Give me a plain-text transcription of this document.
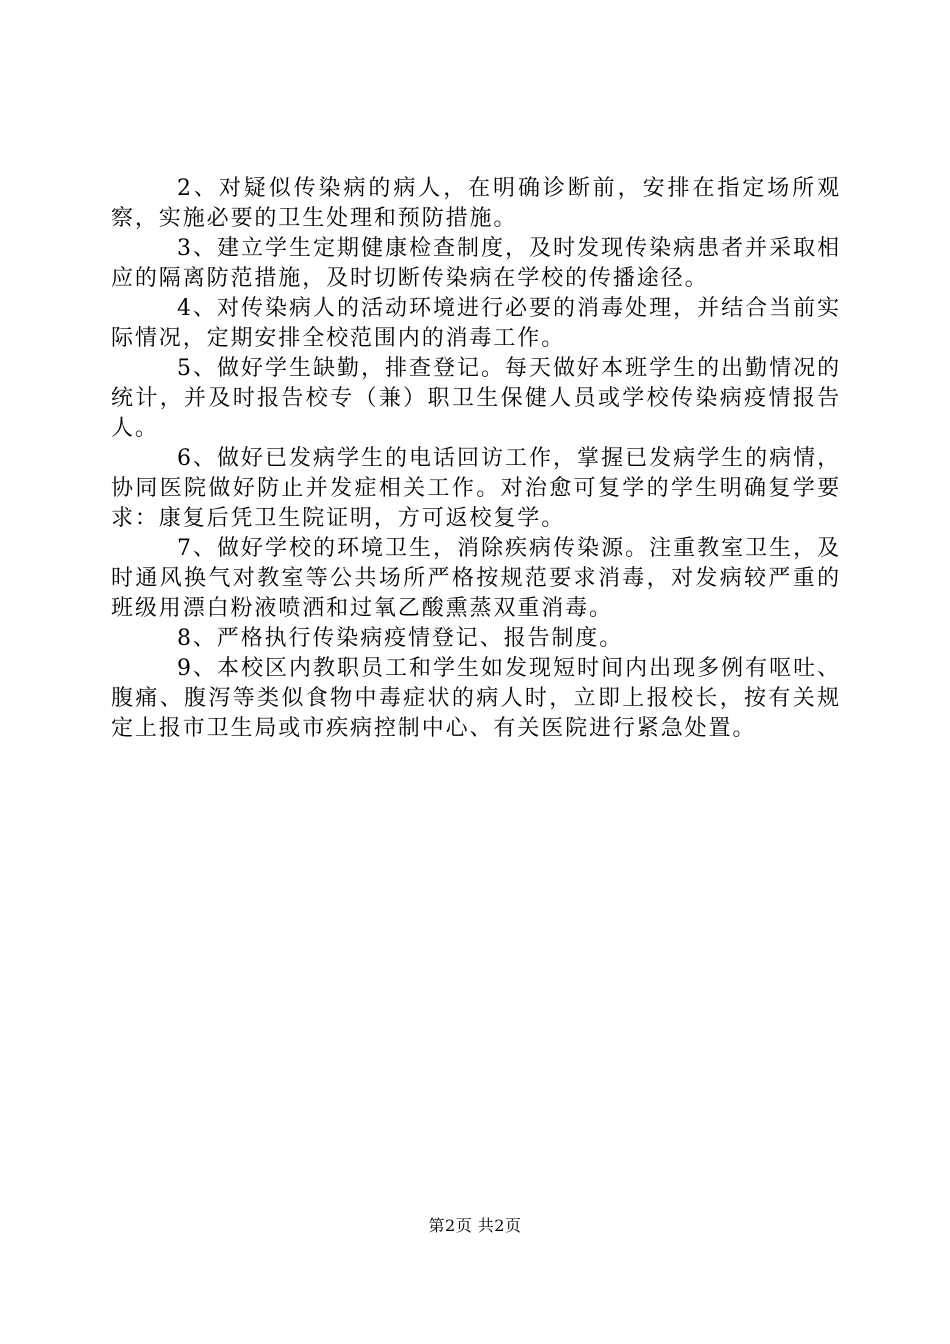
2、对疑似传染病的病人，在明确诊断前，安排在指定场所观察，实施必要的卫生处理和预防措施。

3、建立学生定期健康检查制度，及时发现传染病患者并采取相应的隔离防范措施，及时切断传染病在学校的传播途径。

4、对传染病人的活动环境进行必要的消毒处理，并结合当前实际情况，定期安排全校范围内的消毒工作。

5、做好学生缺勤，排查登记。每天做好本班学生的出勤情况的统计，并及时报告校专（兼）职卫生保健人员或学校传染病疫情报告人。

6、做好已发病学生的电话回访工作，掌握已发病学生的病情，协同医院做好防止并发症相关工作。对治愈可复学的学生明确复学要求：康复后凭卫生院证明，方可返校复学。

7、做好学校的环境卫生，消除疾病传染源。注重教室卫生，及时通风换气对教室等公共场所严格按规范要求消毒，对发病较严重的班级用漂白粉液喷洒和过氧乙酸熏蒸双重消毒。

8、严格执行传染病疫情登记、报告制度。

9、本校区内教职员工和学生如发现短时间内出现多例有呕吐、腹痛、腹泻等类似食物中毒症状的病人时，立即上报校长，按有关规定上报市卫生局或市疾病控制中心、有关医院进行紧急处置。

第2页 共2页
